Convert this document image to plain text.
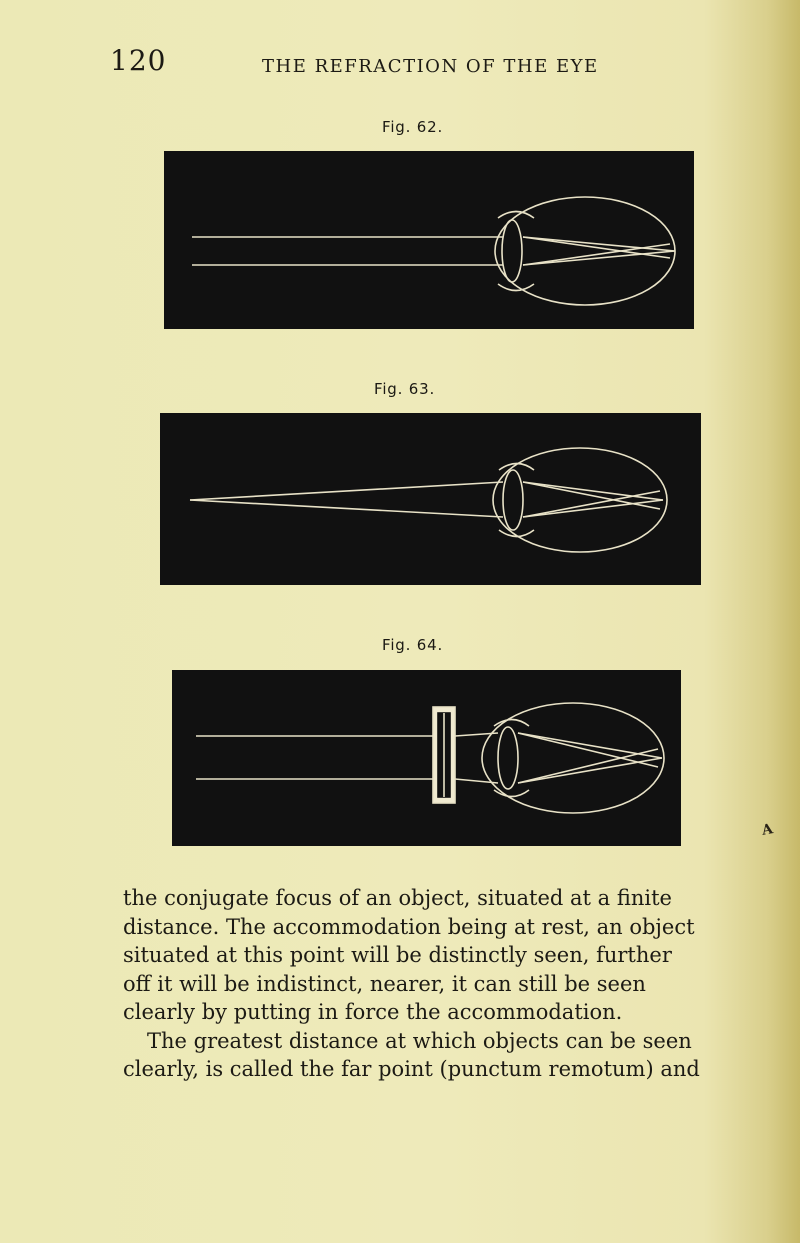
120	THE REFRACTION OF THE EYE
Fig. 62.
Fig. 63.
Fig. 64.
the conjugate focus of an object, situated at a finite
distance. The accommodation being at rest, an object
situated at this point will be distinctly seen, further
off it will be indistinct, nearer, it can still be seen
clearly by putting in force the accommodation.
The greatest distance at which objects can be seen
clearly, is called the far point (punctum remotum) and
A
